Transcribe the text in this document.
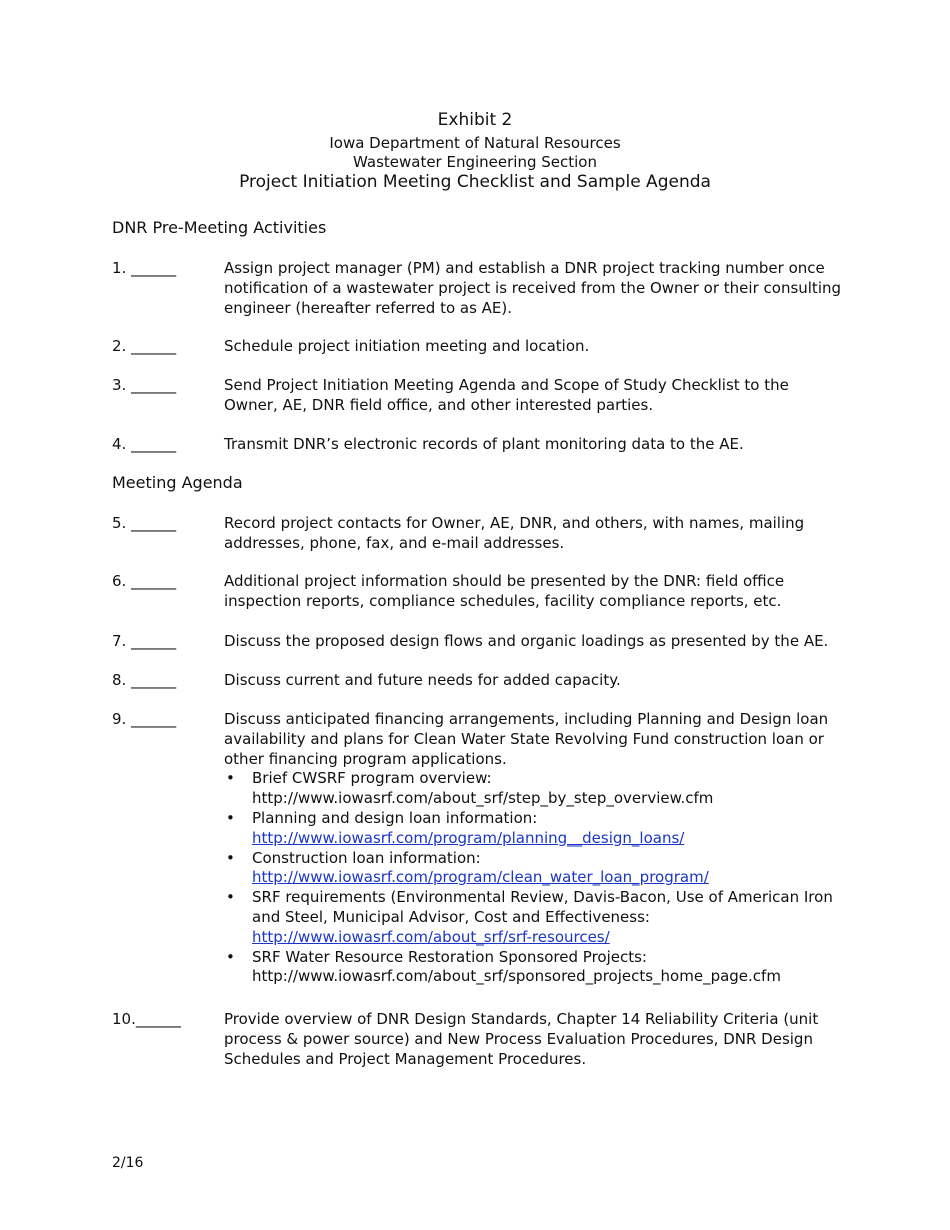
Exhibit 2
Iowa Department of Natural Resources
Wastewater Engineering Section
Project Initiation Meeting Checklist and Sample Agenda
DNR Pre-Meeting Activities
1. ______	Assign project manager (PM) and establish a DNR project tracking number once notification of a wastewater project is received from the Owner or their consulting engineer (hereafter referred to as AE).
2. ______	Schedule project initiation meeting and location.
3. ______	Send Project Initiation Meeting Agenda and Scope of Study Checklist to the Owner, AE, DNR field office, and other interested parties.
4. ______	Transmit DNR’s electronic records of plant monitoring data to the AE.
Meeting Agenda
5. ______	Record project contacts for Owner, AE, DNR, and others, with names, mailing addresses, phone, fax, and e-mail addresses.
6. ______	Additional project information should be presented by the DNR: field office inspection reports, compliance schedules, facility compliance reports, etc.
7. ______	Discuss the proposed design flows and organic loadings as presented by the AE.
8. ______	Discuss current and future needs for added capacity.
9. ______	Discuss anticipated financing arrangements, including Planning and Design loan availability and plans for Clean Water State Revolving Fund construction loan or other financing program applications.
• Brief CWSRF program overview:
http://www.iowasrf.com/about_srf/step_by_step_overview.cfm
• Planning and design loan information:
http://www.iowasrf.com/program/planning__design_loans/
• Construction loan information:
http://www.iowasrf.com/program/clean_water_loan_program/
• SRF requirements (Environmental Review, Davis-Bacon, Use of American Iron and Steel, Municipal Advisor, Cost and Effectiveness:
http://www.iowasrf.com/about_srf/srf-resources/
• SRF Water Resource Restoration Sponsored Projects:
http://www.iowasrf.com/about_srf/sponsored_projects_home_page.cfm
10.______	Provide overview of DNR Design Standards, Chapter 14 Reliability Criteria (unit process & power source) and New Process Evaluation Procedures, DNR Design Schedules and Project Management Procedures.
2/16
